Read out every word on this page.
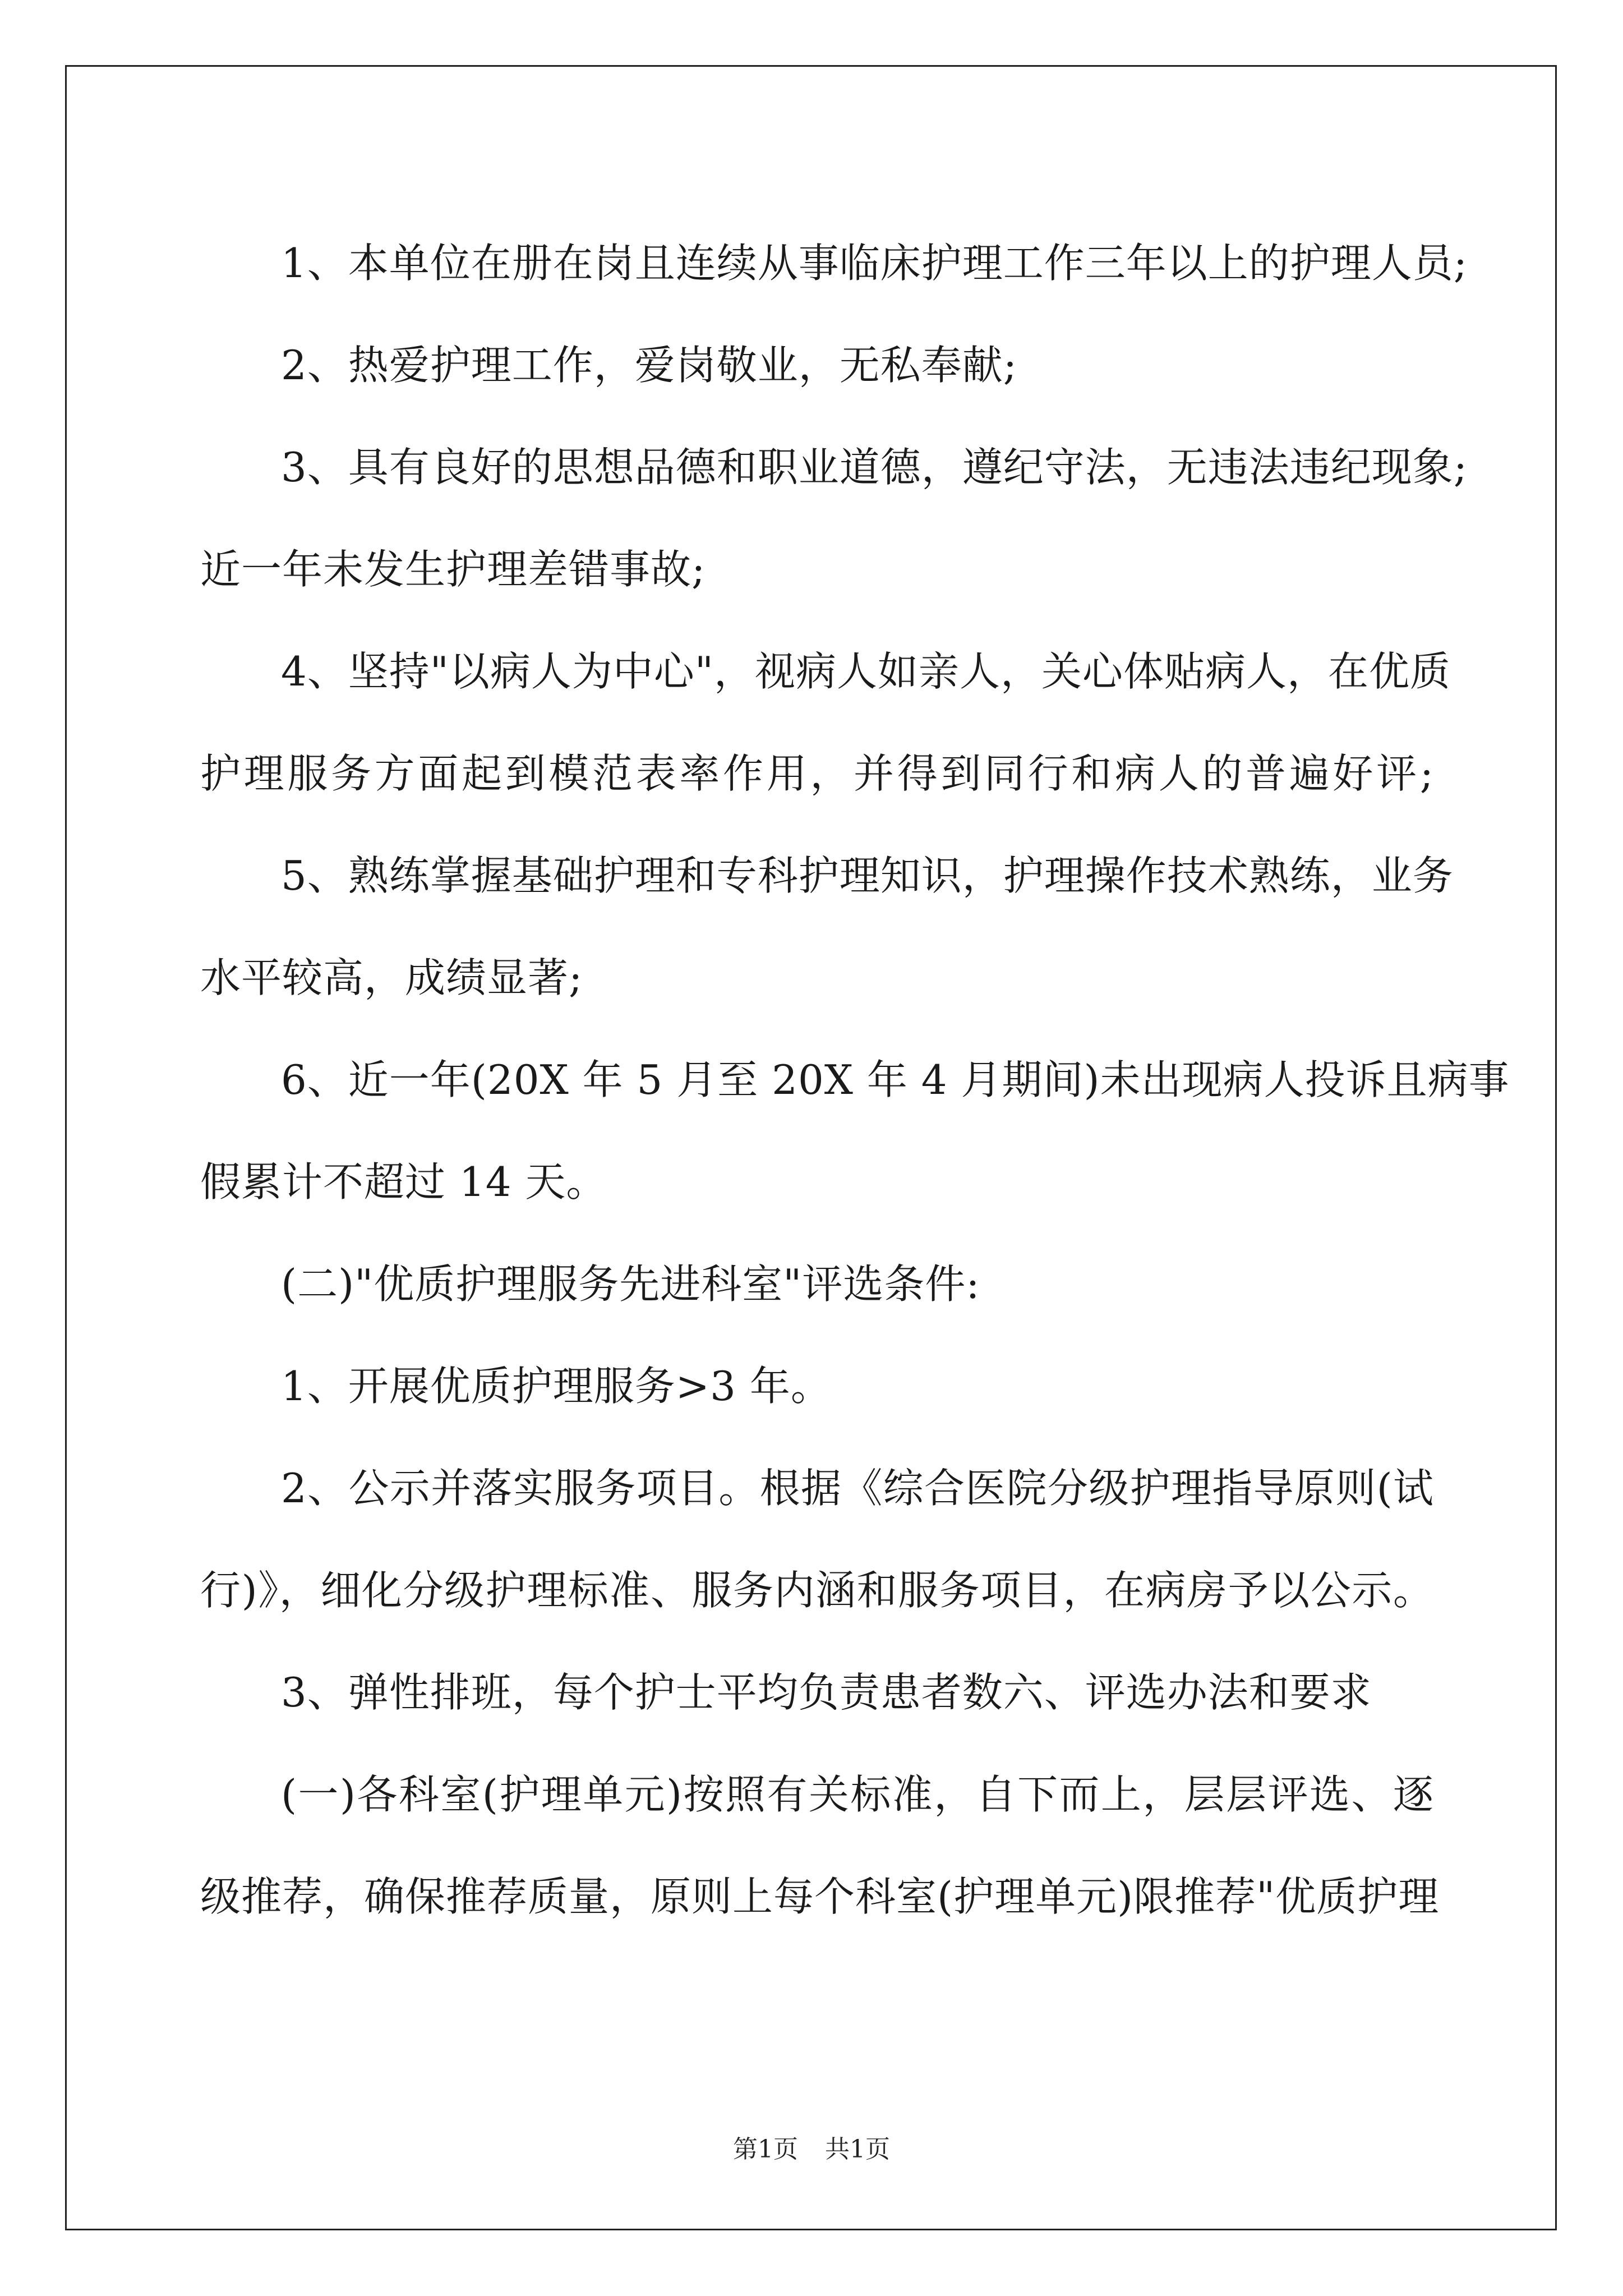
1、本单位在册在岗且连续从事临床护理工作三年以上的护理人员;

2、热爱护理工作，爱岗敬业，无私奉献;

3、具有良好的思想品德和职业道德，遵纪守法，无违法违纪现象;

近一年未发生护理差错事故;

4、坚持"以病人为中心"，视病人如亲人，关心体贴病人，在优质

护理服务方面起到模范表率作用，并得到同行和病人的普遍好评;

5、熟练掌握基础护理和专科护理知识，护理操作技术熟练，业务

水平较高，成绩显著;

6、近一年(20X 年 5 月至 20X 年 4 月期间)未出现病人投诉且病事

假累计不超过 14 天。

(二)"优质护理服务先进科室"评选条件:

1、开展优质护理服务>3 年。

2、公示并落实服务项目。根据《综合医院分级护理指导原则(试

行)》，细化分级护理标准、服务内涵和服务项目，在病房予以公示。

3、弹性排班，每个护士平均负责患者数六、评选办法和要求

(一)各科室(护理单元)按照有关标准，自下而上，层层评选、逐

级推荐，确保推荐质量，原则上每个科室(护理单元)限推荐"优质护理

第1页 共1页
